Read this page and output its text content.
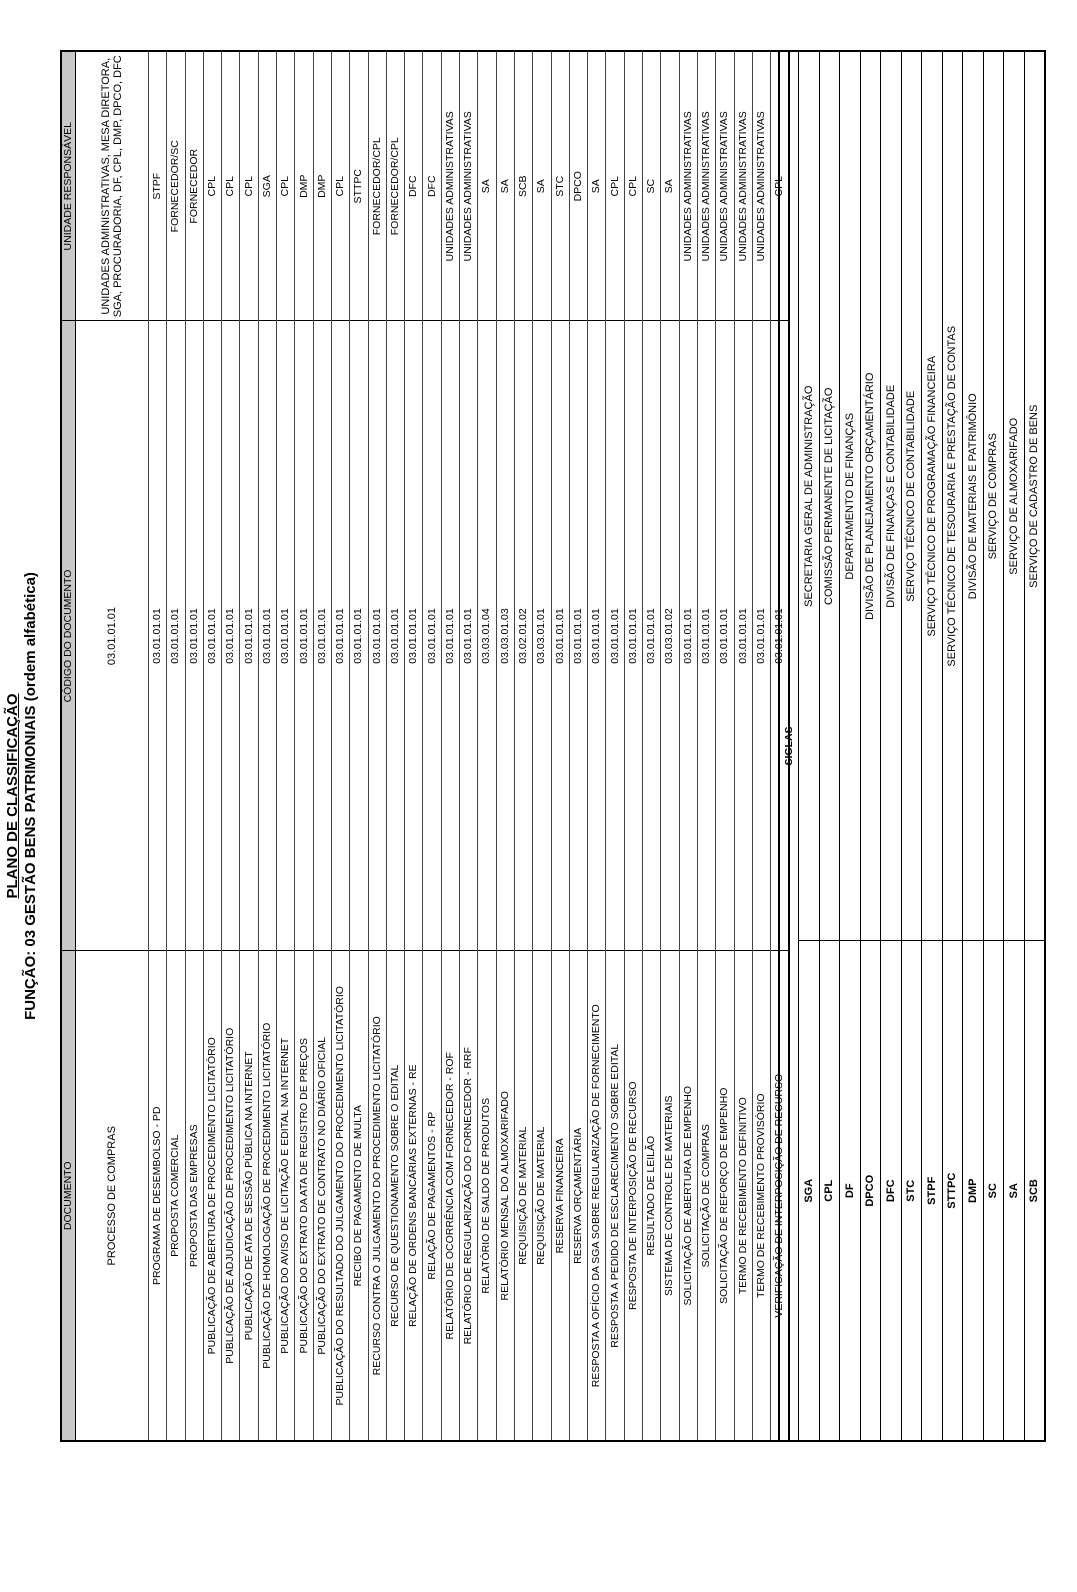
PLANO DE CLASSIFICAÇÃO FUNÇÃO: 03 GESTÃO BENS PATRIMONIAIS (ordem alfabética)
DOCUMENTO	CÓDIGO DO DOCUMENTO	UNIDADE RESPONSÁVEL
PROCESSO DE COMPRAS	03.01.01.01	UNIDADES ADMINISTRATIVAS, MESA DIRETORA, SGA, PROCURADORIA, DF, CPL, DMP, DPCO, DFC
PROGRAMA DE DESEMBOLSO - PD	03.01.01.01	STPF
PROPOSTA COMERCIAL	03.01.01.01	FORNECEDOR/SC
PROPOSTA DAS EMPRESAS	03.01.01.01	FORNECEDOR
PUBLICAÇÃO DE ABERTURA DE PROCEDIMENTO LICITATÓRIO	03.01.01.01	CPL
PUBLICAÇÃO DE ADJUDICAÇÃO DE PROCEDIMENTO LICITATÓRIO	03.01.01.01	CPL
PUBLICAÇÃO DE ATA DE SESSÃO PÚBLICA NA INTERNET	03.01.01.01	CPL
PUBLICAÇÃO DE HOMOLOGAÇÃO DE PROCEDIMENTO LICITATÓRIO	03.01.01.01	SGA
PUBLICAÇÃO DO AVISO DE LICITAÇÃO E EDITAL NA INTERNET	03.01.01.01	CPL
PUBLICAÇÃO DO EXTRATO DA ATA DE REGISTRO DE PREÇOS	03.01.01.01	DMP
PUBLICAÇÃO DO EXTRATO DE CONTRATO NO DIÁRIO OFICIAL	03.01.01.01	DMP
PUBLICAÇÃO DO RESULTADO DO JULGAMENTO DO PROCEDIMENTO LICITATÓRIO	03.01.01.01	CPL
RECIBO DE PAGAMENTO DE MULTA	03.01.01.01	STTPC
RECURSO CONTRA O JULGAMENTO DO PROCEDIMENTO LICITATÓRIO	03.01.01.01	FORNECEDOR/CPL
RECURSO DE QUESTIONAMENTO SOBRE O EDITAL	03.01.01.01	FORNECEDOR/CPL
RELAÇÃO DE ORDENS BANCÁRIAS EXTERNAS - RE	03.01.01.01	DFC
RELAÇÃO DE PAGAMENTOS - RP	03.01.01.01	DFC
RELATÓRIO DE OCORRÊNCIA COM FORNECEDOR - ROF	03.01.01.01	UNIDADES ADMINISTRATIVAS
RELATÓRIO DE REGULARIZAÇÃO DO FORNECEDOR - RRF	03.01.01.01	UNIDADES ADMINISTRATIVAS
RELATÓRIO DE SALDO DE PRODUTOS	03.03.01.04	SA
RELATÓRIO MENSAL DO ALMOXARIFADO	03.03.01.03	SA
REQUISIÇÃO DE MATERIAL	03.02.01.02	SCB
REQUISIÇÃO DE MATERIAL	03.03.01.01	SA
RESERVA FINANCEIRA	03.01.01.01	STC
RESERVA ORÇAMENTÁRIA	03.01.01.01	DPCO
RESPOSTA A OFÍCIO DA SGA SOBRE REGULARIZAÇÃO DE FORNECIMENTO	03.01.01.01	SA
RESPOSTA A PEDIDO DE ESCLARECIMENTO SOBRE EDITAL	03.01.01.01	CPL
RESPOSTA DE INTERPOSIÇÃO DE RECURSO	03.01.01.01	CPL
RESULTADO DE LEILÃO	03.01.01.01	SC
SISTEMA DE CONTROLE DE MATERIAIS	03.03.01.02	SA
SOLICITAÇÃO DE ABERTURA DE EMPENHO	03.01.01.01	UNIDADES ADMINISTRATIVAS
SOLICITAÇÃO DE COMPRAS	03.01.01.01	UNIDADES ADMINISTRATIVAS
SOLICITAÇÃO DE REFORÇO DE EMPENHO	03.01.01.01	UNIDADES ADMINISTRATIVAS
TERMO DE RECEBIMENTO DEFINITIVO	03.01.01.01	UNIDADES ADMINISTRATIVAS
TERMO DE RECEBIMENTO PROVISÓRIO	03.01.01.01	UNIDADES ADMINISTRATIVAS
VERIFICAÇÃO DE INTERPOSIÇÃO DE RECURSO	03.01.01.01	CPL
SIGLAS	
SGA	SECRETARIA GERAL DE ADMINISTRAÇÃO
CPL	COMISSÃO PERMANENTE DE LICITAÇÃO
DF	DEPARTAMENTO DE FINANÇAS
DPCO	DIVISÃO DE PLANEJAMENTO ORÇAMENTÁRIO
DFC	DIVISÃO DE FINANÇAS E CONTABILIDADE
STC	SERVIÇO TÉCNICO DE CONTABILIDADE
STPF	SERVIÇO TÉCNICO DE PROGRAMAÇÃO FINANCEIRA
STTPC	SERVIÇO TÉCNICO DE TESOURARIA E PRESTAÇÃO DE CONTAS
DMP	DIVISÃO DE MATERIAIS E PATRIMÔNIO
SC	SERVIÇO DE COMPRAS
SA	SERVIÇO DE ALMOXARIFADO
SCB	SERVIÇO DE CADASTRO DE BENS
